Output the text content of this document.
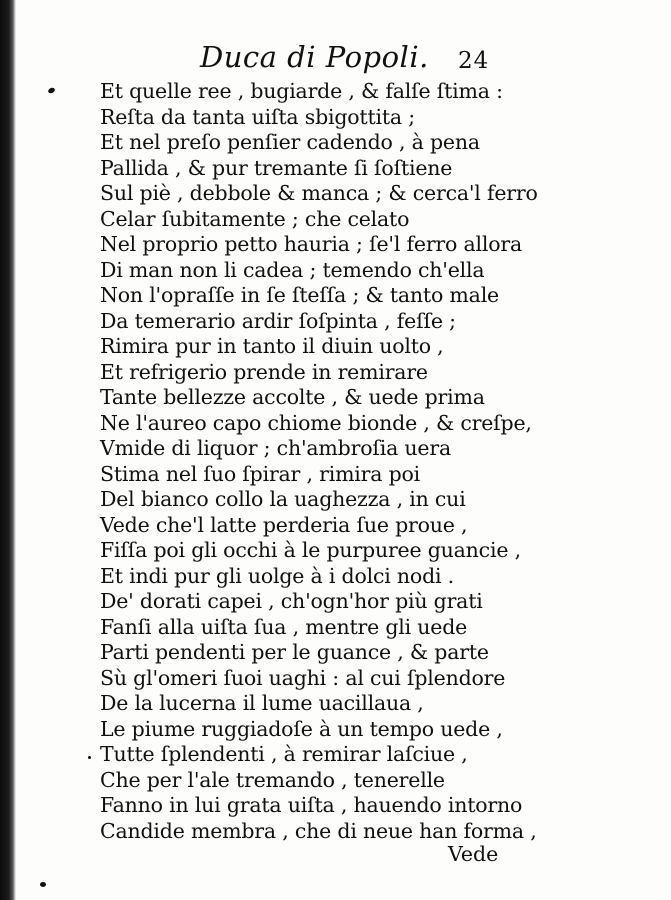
Duca di Popoli. 24
Et quelle ree , bugiarde , & falſe ſtima :
Reſta da tanta uiſta sbigottita ;
Et nel preſo penſier cadendo , à pena
Pallida , & pur tremante ſi ſoſtiene
Sul piè , debbole & manca ; & cerca'l ferro
Celar ſubitamente ; che celato
Nel proprio petto hauria ; ſe'l ferro allora
Di man non li cadea ; temendo ch'ella
Non l'opraſſe in ſe ſteſſa ; & tanto male
Da temerario ardir ſoſpinta , feſſe ;
Rimira pur in tanto il diuin uolto ,
Et refrigerio prende in remirare
Tante bellezze accolte , & uede prima
Ne l'aureo capo chiome bionde , & creſpe,
Vmide di liquor ; ch'ambroſia uera
Stima nel ſuo ſpirar , rimira poi
Del bianco collo la uaghezza , in cui
Vede che'l latte perderia ſue proue ,
Fiſſa poi gli occhi à le purpuree guancie ,
Et indi pur gli uolge à i dolci nodi .
De' dorati capei , ch'ogn'hor più grati
Fanſi alla uiſta ſua , mentre gli uede
Parti pendenti per le guance , & parte
Sù gl'omeri ſuoi uaghi : al cui ſplendore
De la lucerna il lume uacillaua ,
Le piume ruggiadoſe à un tempo uede ,
Tutte ſplendenti , à remirar laſciue ,
Che per l'ale tremando , tenerelle
Fanno in lui grata uiſta , hauendo intorno
Candide membra , che di neue han forma ,
Vede
